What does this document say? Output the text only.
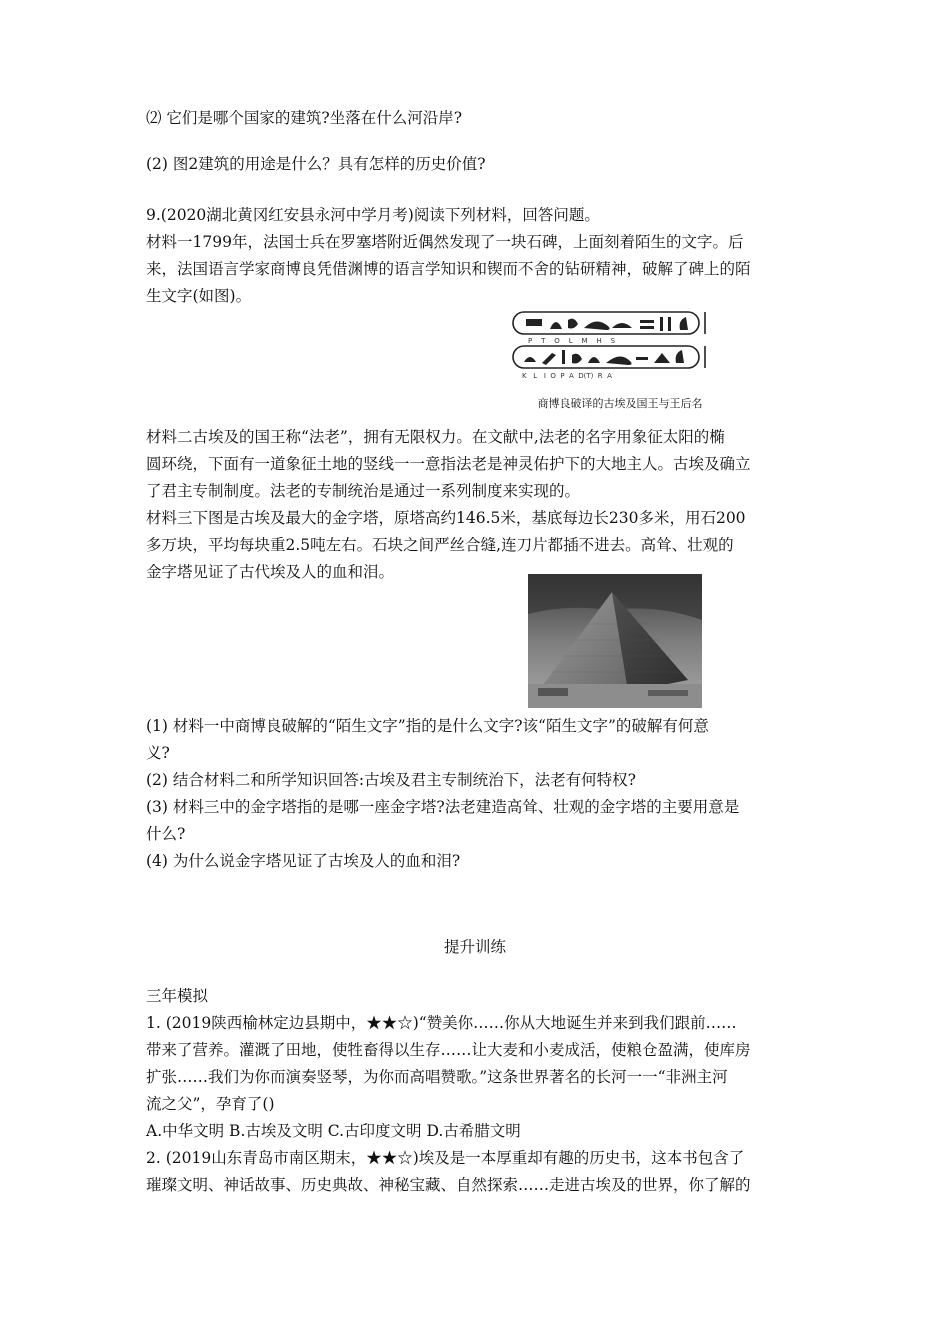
⑵ 它们是哪个国家的建筑?坐落在什么河沿岸?
(2) 图2建筑的用途是什么？具有怎样的历史价值?
9.(2020湖北黄冈红安县永河中学月考)阅读下列材料，回答问题。
材料一1799年，法国士兵在罗塞塔附近偶然发现了一块石碑，上面刻着陌生的文字。后
来，法国语言学家商博良凭借渊博的语言学知识和锲而不舍的钻研精神，破解了碑上的陌
生文字(如图)。
P    T    O    L    M    H    S
K   L   I  O  P  A  D(T)  R  A
商博良破译的古埃及国王与王后名
材料二古埃及的国王称“法老”，拥有无限权力。在文献中,法老的名字用象征太阳的椭
圆环绕，下面有一道象征土地的竖线一一意指法老是神灵佑护下的大地主人。古埃及确立
了君主专制制度。法老的专制统治是通过一系列制度来实现的。
材料三下图是古埃及最大的金字塔，原塔高约146.5米，基底每边长230多米，用石200
多万块，平均每块重2.5吨左右。石块之间严丝合缝,连刀片都插不进去。高耸、壮观的
金字塔见证了古代埃及人的血和泪。
(1) 材料一中商博良破解的“陌生文字”指的是什么文字?该“陌生文字”的破解有何意
义?
(2) 结合材料二和所学知识回答:古埃及君主专制统治下，法老有何特权?
(3) 材料三中的金字塔指的是哪一座金字塔?法老建造高耸、壮观的金字塔的主要用意是
什么?
(4) 为什么说金字塔见证了古埃及人的血和泪?
提升训练
三年模拟
1. (2019陕西榆林定边县期中，★★☆)“赞美你……你从大地诞生并来到我们跟前……
带来了营养。灌溉了田地，使牲畜得以生存……让大麦和小麦成活，使粮仓盈满，使库房
扩张……我们为你而演奏竖琴，为你而高唱赞歌。”这条世界著名的长河一一“非洲主河
流之父”，孕育了()
A.中华文明 B.古埃及文明 C.古印度文明 D.古希腊文明
2. (2019山东青岛市南区期末，★★☆)埃及是一本厚重却有趣的历史书，这本书包含了
璀璨文明、神话故事、历史典故、神秘宝藏、自然探索……走进古埃及的世界，你了解的
